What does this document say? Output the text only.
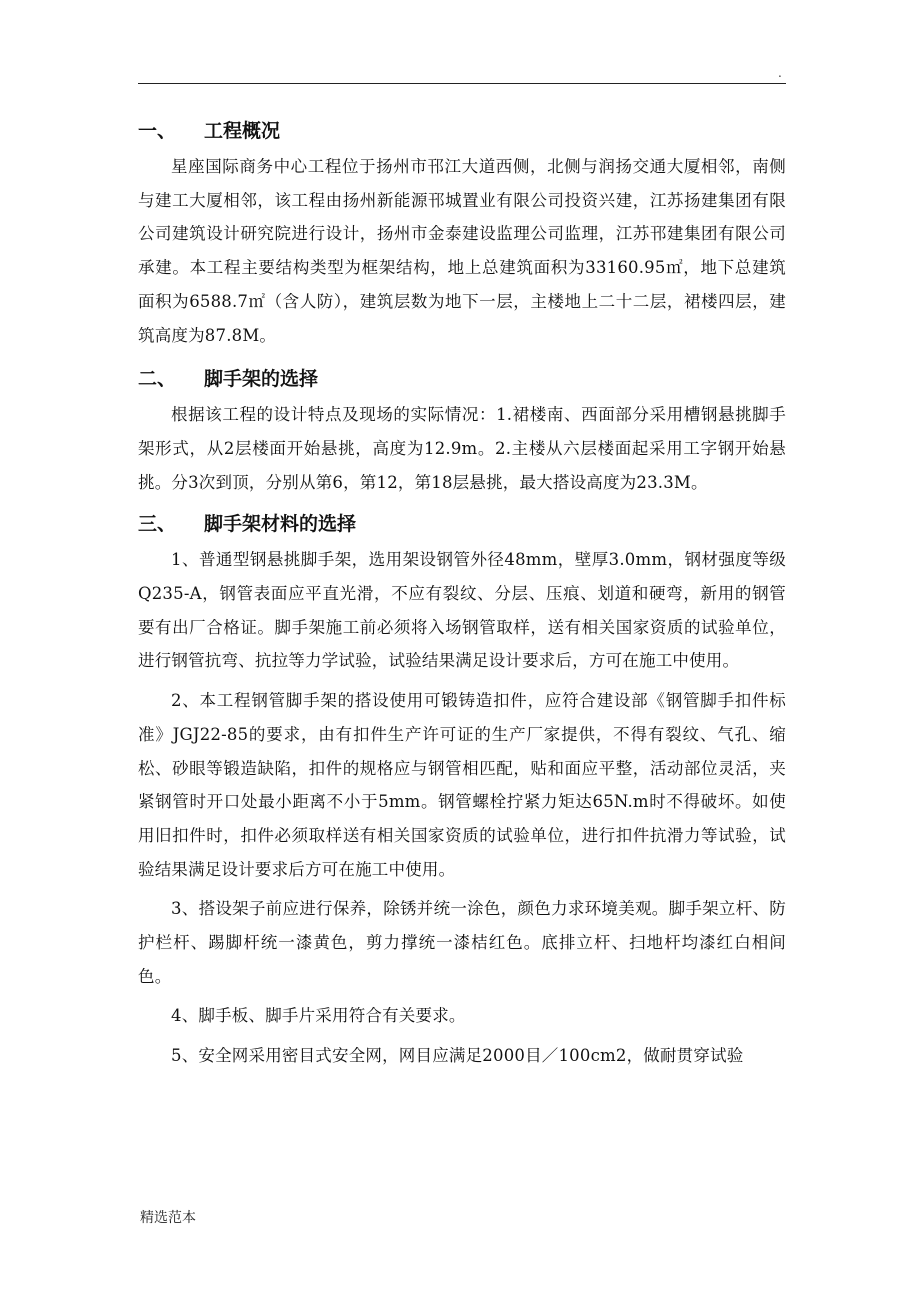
.
一、 工程概况

星座国际商务中心工程位于扬州市邗江大道西侧，北侧与润扬交通大厦相邻，南侧与建工大厦相邻，该工程由扬州新能源邗城置业有限公司投资兴建，江苏扬建集团有限公司建筑设计研究院进行设计，扬州市金泰建设监理公司监理，江苏邗建集团有限公司承建。本工程主要结构类型为框架结构，地上总建筑面积为33160.95㎡，地下总建筑面积为6588.7㎡（含人防），建筑层数为地下一层，主楼地上二十二层，裙楼四层，建筑高度为87.8M。

二、 脚手架的选择

根据该工程的设计特点及现场的实际情况：1.裙楼南、西面部分采用槽钢悬挑脚手架形式，从2层楼面开始悬挑，高度为12.9m。2.主楼从六层楼面起采用工字钢开始悬挑。分3次到顶，分别从第6，第12，第18层悬挑，最大搭设高度为23.3M。

三、 脚手架材料的选择

1、普通型钢悬挑脚手架，选用架设钢管外径48mm，壁厚3.0mm，钢材强度等级Q235-A，钢管表面应平直光滑，不应有裂纹、分层、压痕、划道和硬弯，新用的钢管要有出厂合格证。脚手架施工前必须将入场钢管取样，送有相关国家资质的试验单位，进行钢管抗弯、抗拉等力学试验，试验结果满足设计要求后，方可在施工中使用。

2、本工程钢管脚手架的搭设使用可锻铸造扣件，应符合建设部《钢管脚手扣件标准》JGJ22-85的要求，由有扣件生产许可证的生产厂家提供，不得有裂纹、气孔、缩松、砂眼等锻造缺陷，扣件的规格应与钢管相匹配，贴和面应平整，活动部位灵活，夹紧钢管时开口处最小距离不小于5mm。钢管螺栓拧紧力矩达65N.m时不得破坏。如使用旧扣件时，扣件必须取样送有相关国家资质的试验单位，进行扣件抗滑力等试验，试验结果满足设计要求后方可在施工中使用。

3、搭设架子前应进行保养，除锈并统一涂色，颜色力求环境美观。脚手架立杆、防护栏杆、踢脚杆统一漆黄色，剪力撑统一漆桔红色。底排立杆、扫地杆均漆红白相间色。

4、脚手板、脚手片采用符合有关要求。

5、安全网采用密目式安全网，网目应满足2000目／100cm2，做耐贯穿试验

精选范本
